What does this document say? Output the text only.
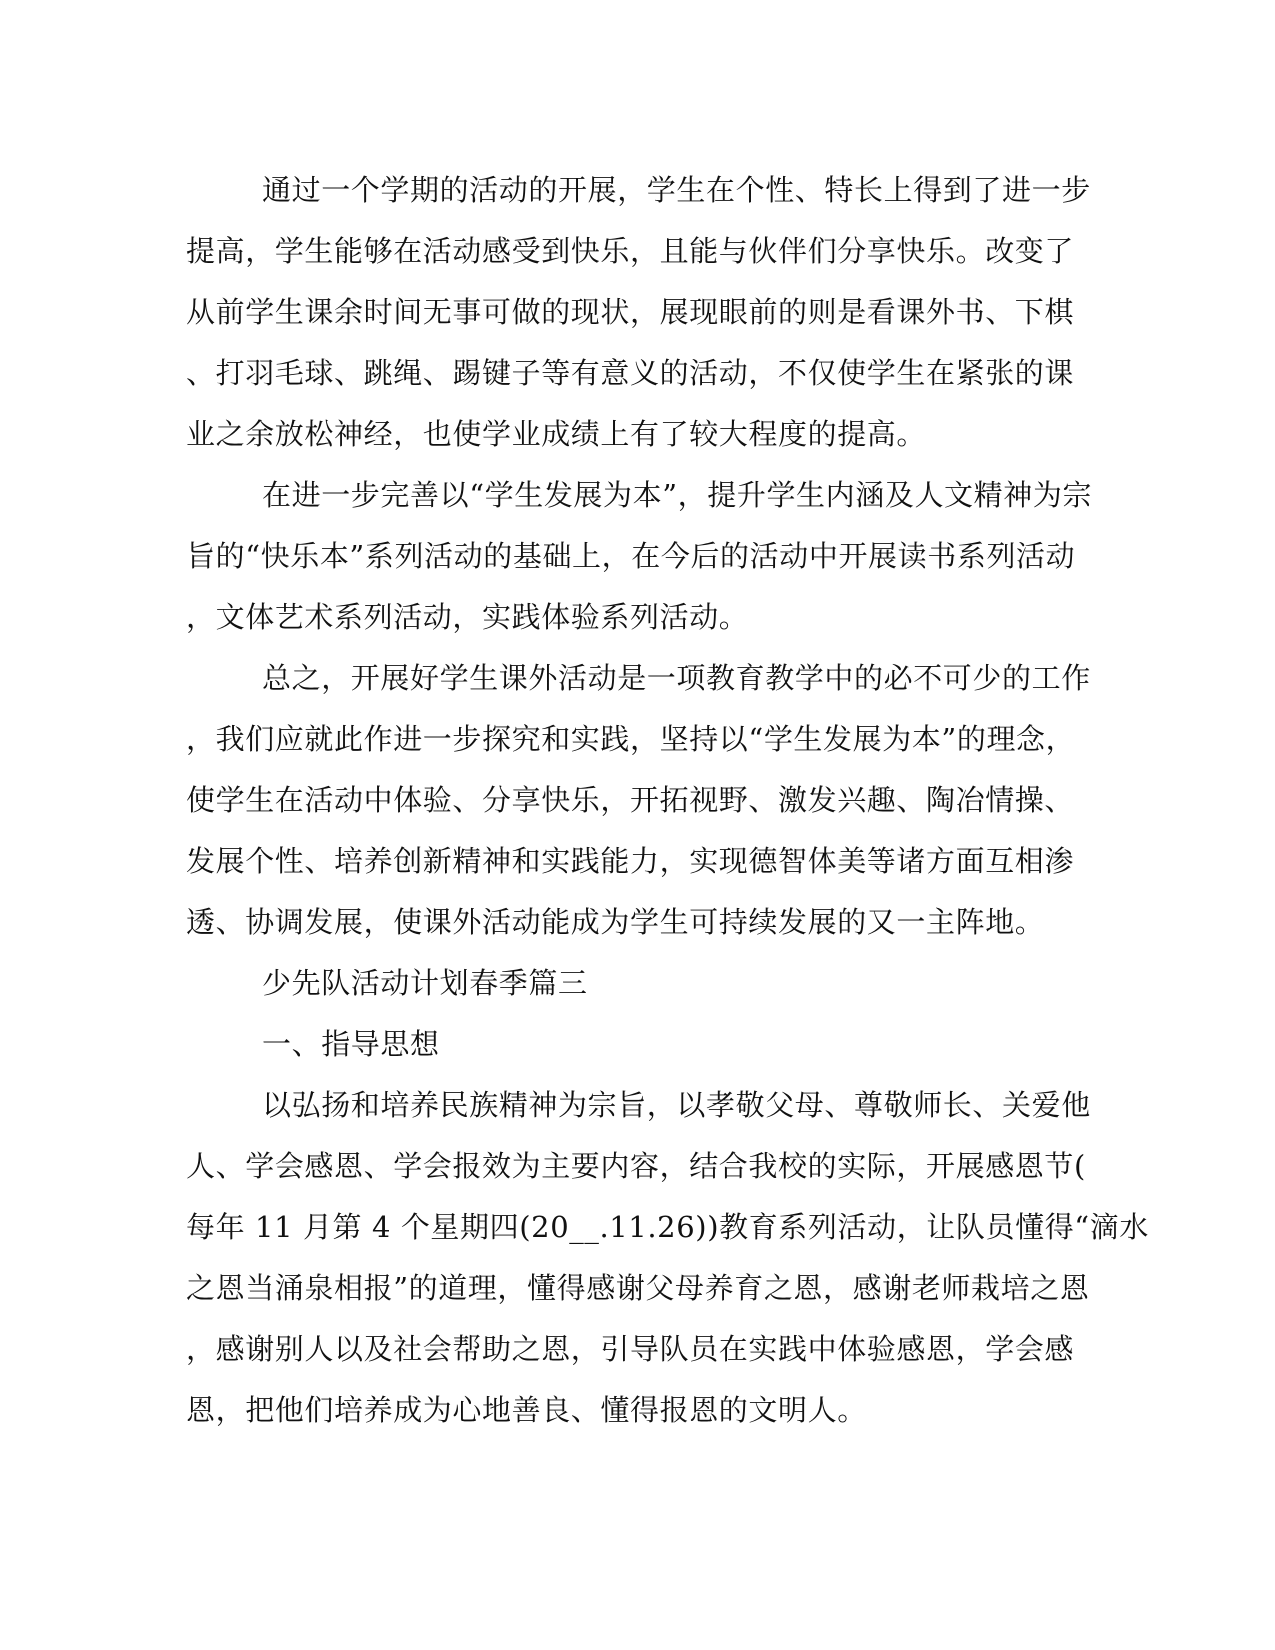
通过一个学期的活动的开展，学生在个性、特长上得到了进一步
提高，学生能够在活动感受到快乐，且能与伙伴们分享快乐。改变了
从前学生课余时间无事可做的现状，展现眼前的则是看课外书、下棋
、打羽毛球、跳绳、踢键子等有意义的活动，不仅使学生在紧张的课
业之余放松神经，也使学业成绩上有了较大程度的提高。
在进一步完善以“学生发展为本”，提升学生内涵及人文精神为宗
旨的“快乐本”系列活动的基础上，在今后的活动中开展读书系列活动
，文体艺术系列活动，实践体验系列活动。
总之，开展好学生课外活动是一项教育教学中的必不可少的工作
，我们应就此作进一步探究和实践，坚持以“学生发展为本”的理念，
使学生在活动中体验、分享快乐，开拓视野、激发兴趣、陶冶情操、
发展个性、培养创新精神和实践能力，实现德智体美等诸方面互相渗
透、协调发展，使课外活动能成为学生可持续发展的又一主阵地。
少先队活动计划春季篇三
一、指导思想
以弘扬和培养民族精神为宗旨，以孝敬父母、尊敬师长、关爱他
人、学会感恩、学会报效为主要内容，结合我校的实际，开展感恩节(
每年 11 月第 4 个星期四(20__.11.26))教育系列活动，让队员懂得“滴水
之恩当涌泉相报”的道理，懂得感谢父母养育之恩，感谢老师栽培之恩
，感谢别人以及社会帮助之恩，引导队员在实践中体验感恩，学会感
恩，把他们培养成为心地善良、懂得报恩的文明人。
